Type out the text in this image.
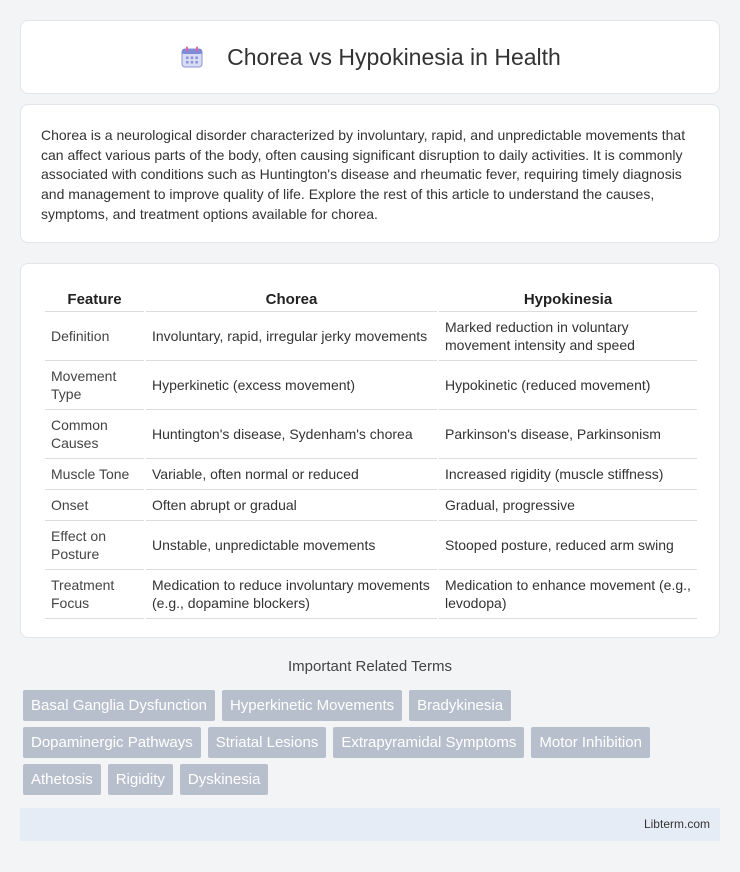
Chorea vs Hypokinesia in Health

Chorea is a neurological disorder characterized by involuntary, rapid, and unpredictable movements that can affect various parts of the body, often causing significant disruption to daily activities. It is commonly associated with conditions such as Huntington's disease and rheumatic fever, requiring timely diagnosis and management to improve quality of life. Explore the rest of this article to understand the causes, symptoms, and treatment options available for chorea.

Feature	Chorea	Hypokinesia
Definition	Involuntary, rapid, irregular jerky movements	Marked reduction in voluntary movement intensity and speed
Movement Type	Hyperkinetic (excess movement)	Hypokinetic (reduced movement)
Common Causes	Huntington's disease, Sydenham's chorea	Parkinson's disease, Parkinsonism
Muscle Tone	Variable, often normal or reduced	Increased rigidity (muscle stiffness)
Onset	Often abrupt or gradual	Gradual, progressive
Effect on Posture	Unstable, unpredictable movements	Stooped posture, reduced arm swing
Treatment Focus	Medication to reduce involuntary movements (e.g., dopamine blockers)	Medication to enhance movement (e.g., levodopa)
Important Related Terms
Basal Ganglia Dysfunction	Hyperkinetic Movements	Bradykinesia
Dopaminergic Pathways	Striatal Lesions	Extrapyramidal Symptoms	Motor Inhibition
Athetosis	Rigidity	Dyskinesia
Libterm.com
